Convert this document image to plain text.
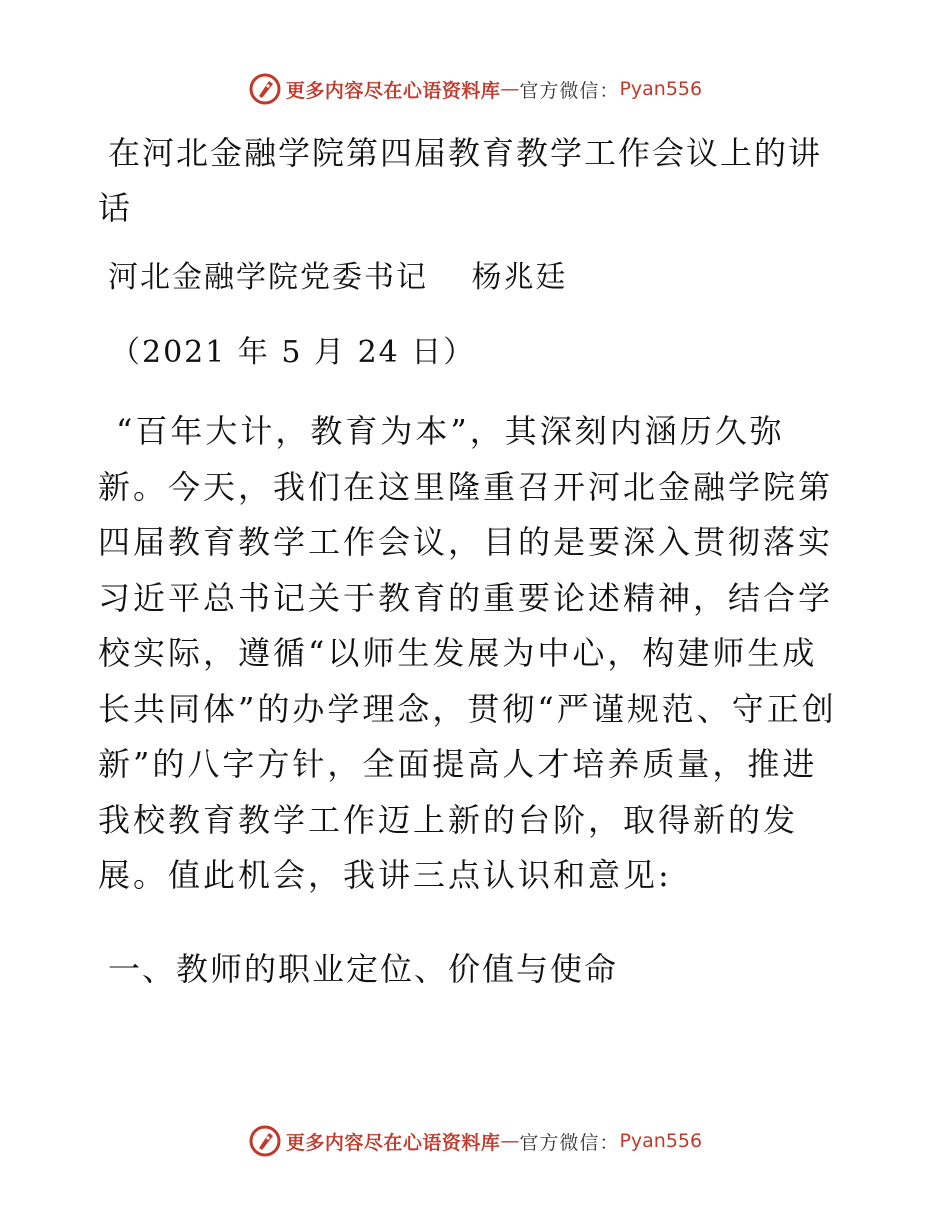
更多内容尽在心语资料库 — 官方微信： Pyan556
在河北金融学院第四届教育教学工作会议上的讲话
河北金融学院党委书记　 杨兆廷
（2021 年 5 月 24 日）

“百年大计，教育为本”，其深刻内涵历久弥新。今天，我们在这里隆重召开河北金融学院第四届教育教学工作会议，目的是要深入贯彻落实习近平总书记关于教育的重要论述精神，结合学校实际，遵循“以师生发展为中心，构建师生成长共同体”的办学理念，贯彻“严谨规范、守正创新”的八字方针，全面提高人才培养质量，推进我校教育教学工作迈上新的台阶，取得新的发展。值此机会，我讲三点认识和意见:

一、教师的职业定位、价值与使命
更多内容尽在心语资料库 — 官方微信： Pyan556
